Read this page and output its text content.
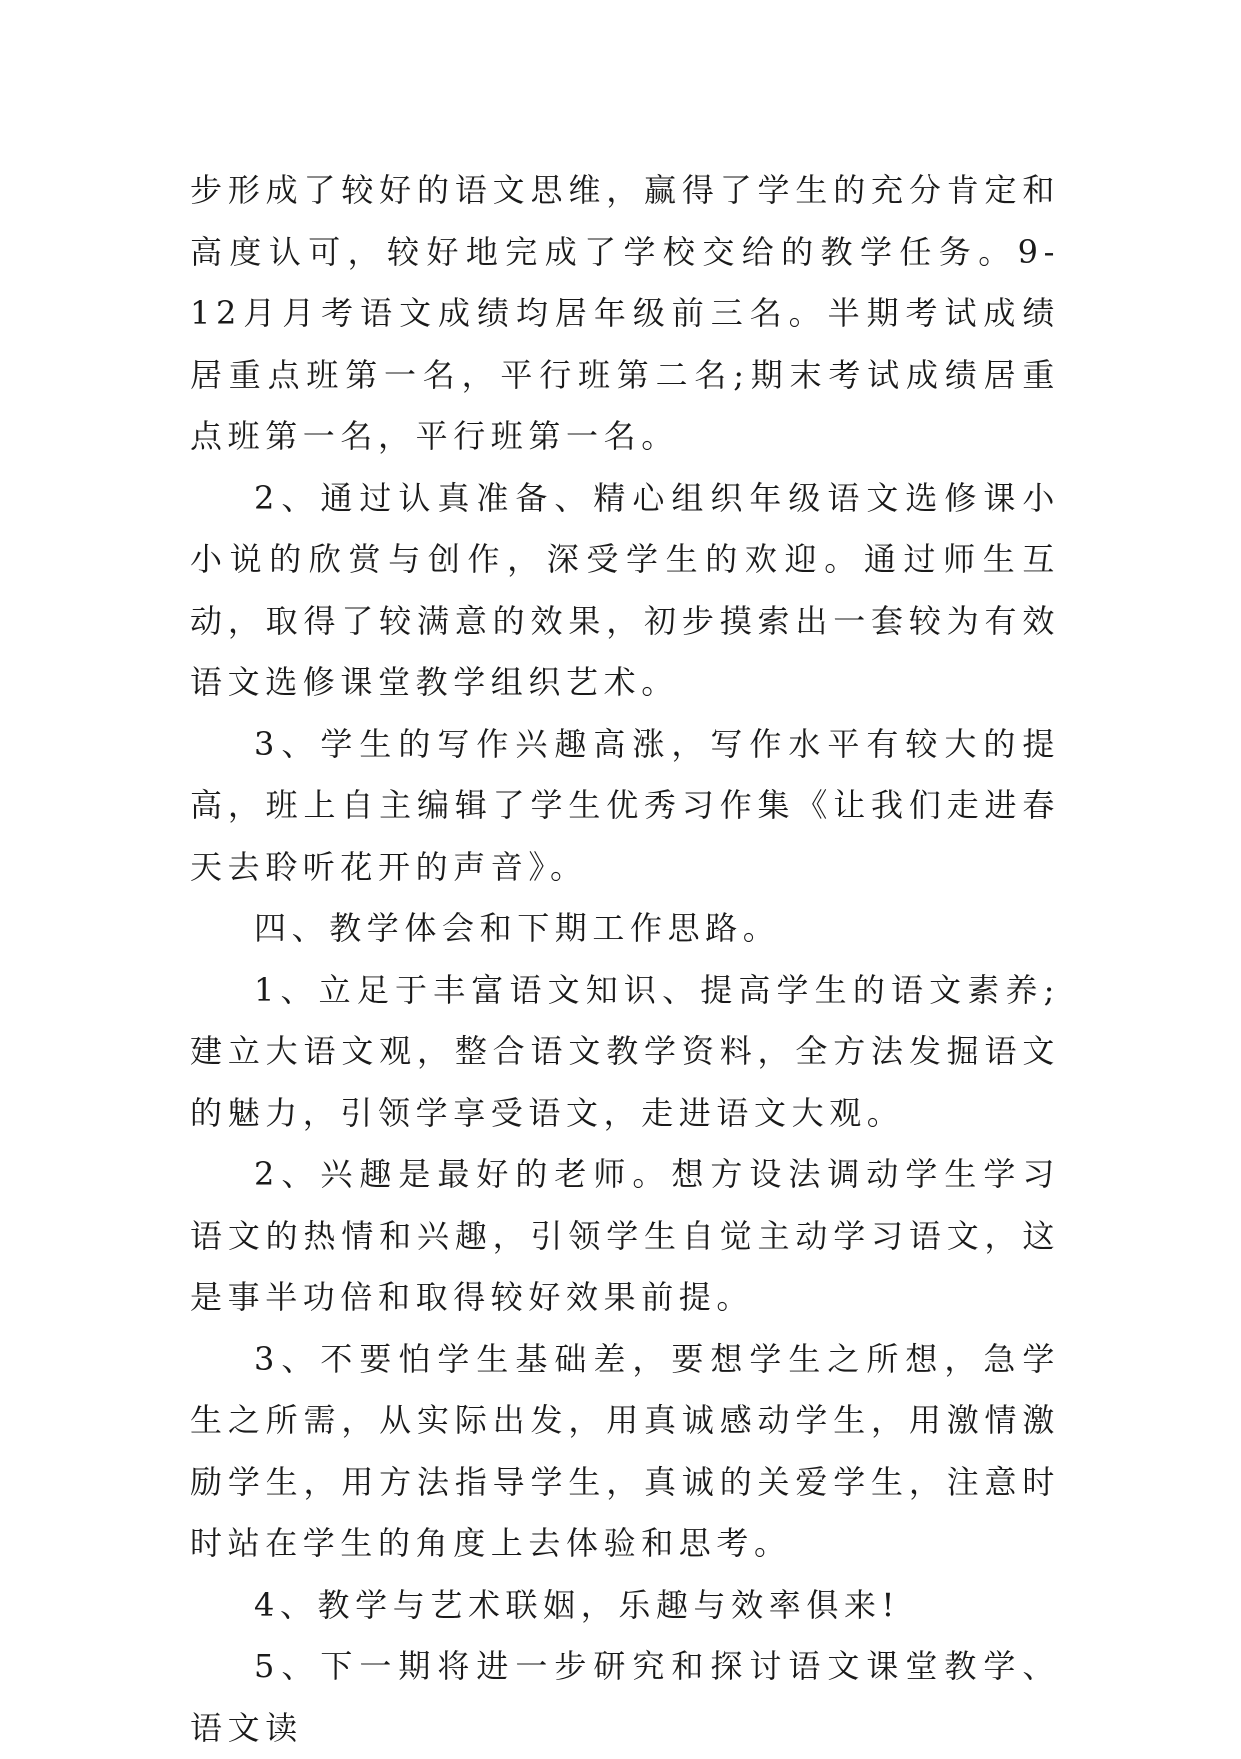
步形成了较好的语文思维，赢得了学生的充分肯定和高度认可，较好地完成了学校交给的教学任务。9-12月月考语文成绩均居年级前三名。半期考试成绩居重点班第一名，平行班第二名;期末考试成绩居重点班第一名，平行班第一名。

2、通过认真准备、精心组织年级语文选修课小小说的欣赏与创作，深受学生的欢迎。通过师生互动，取得了较满意的效果，初步摸索出一套较为有效语文选修课堂教学组织艺术。

3、学生的写作兴趣高涨，写作水平有较大的提高，班上自主编辑了学生优秀习作集《让我们走进春天去聆听花开的声音》。

四、教学体会和下期工作思路。

1、立足于丰富语文知识、提高学生的语文素养;建立大语文观，整合语文教学资料，全方法发掘语文的魅力，引领学享受语文，走进语文大观。

2、兴趣是最好的老师。想方设法调动学生学习语文的热情和兴趣，引领学生自觉主动学习语文，这是事半功倍和取得较好效果前提。

3、不要怕学生基础差，要想学生之所想，急学生之所需，从实际出发，用真诚感动学生，用激情激励学生，用方法指导学生，真诚的关爱学生，注意时时站在学生的角度上去体验和思考。

4、教学与艺术联姻，乐趣与效率俱来!

5、下一期将进一步研究和探讨语文课堂教学、语文读
